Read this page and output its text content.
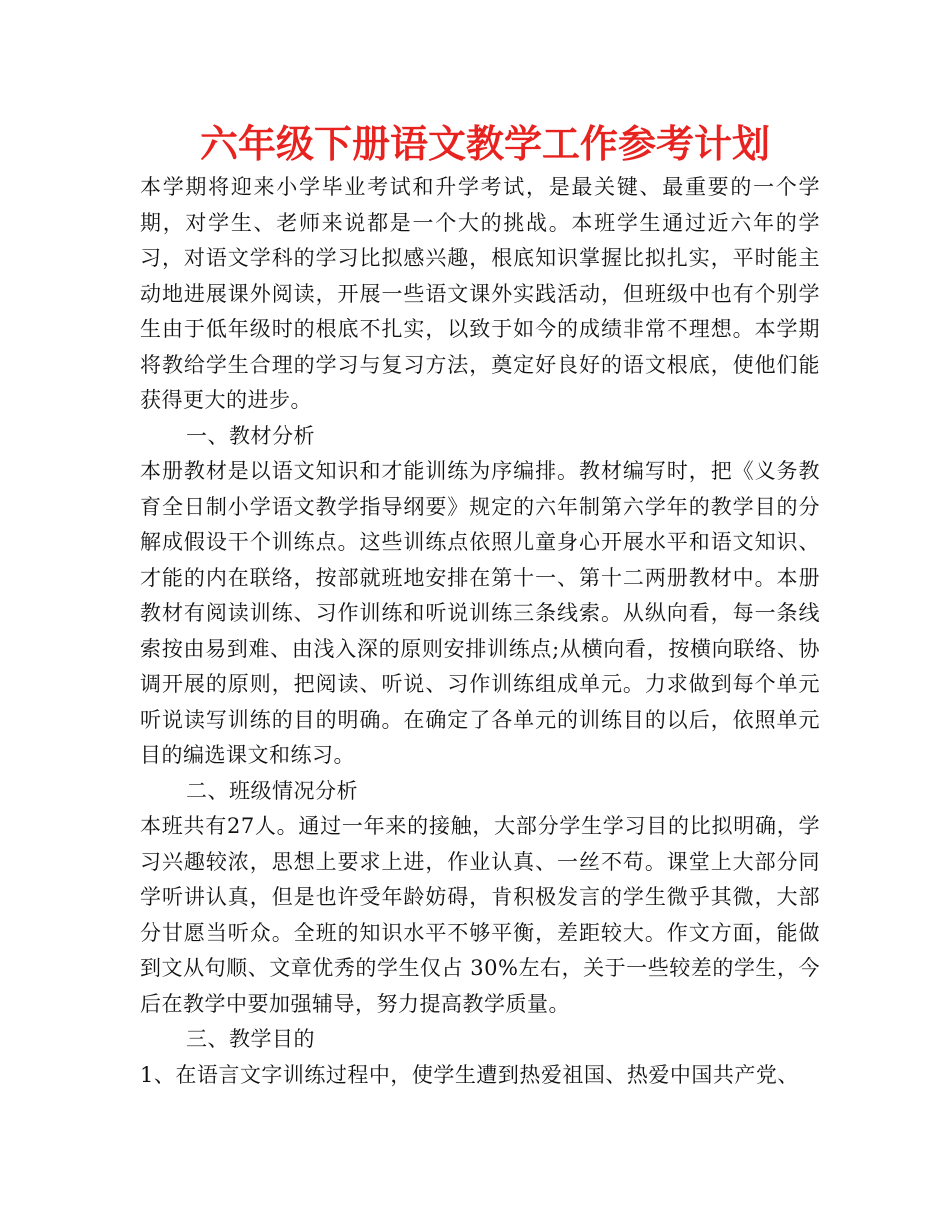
六年级下册语文教学工作参考计划

本学期将迎来小学毕业考试和升学考试，是最关键、最重要的一个学期，对学生、老师来说都是一个大的挑战。本班学生通过近六年的学习，对语文学科的学习比拟感兴趣，根底知识掌握比拟扎实，平时能主动地进展课外阅读，开展一些语文课外实践活动，但班级中也有个别学生由于低年级时的根底不扎实，以致于如今的成绩非常不理想。本学期将教给学生合理的学习与复习方法，奠定好良好的语文根底，使他们能获得更大的进步。

一、教材分析

本册教材是以语文知识和才能训练为序编排。教材编写时，把《义务教育全日制小学语文教学指导纲要》规定的六年制第六学年的教学目的分解成假设干个训练点。这些训练点依照儿童身心开展水平和语文知识、才能的内在联络，按部就班地安排在第十一、第十二两册教材中。本册教材有阅读训练、习作训练和听说训练三条线索。从纵向看，每一条线索按由易到难、由浅入深的原则安排训练点;从横向看，按横向联络、协调开展的原则，把阅读、听说、习作训练组成单元。力求做到每个单元听说读写训练的目的明确。在确定了各单元的训练目的以后，依照单元目的编选课文和练习。

二、班级情况分析

本班共有27人。通过一年来的接触，大部分学生学习目的比拟明确，学习兴趣较浓，思想上要求上进，作业认真、一丝不苟。课堂上大部分同学听讲认真，但是也许受年龄妨碍，肯积极发言的学生微乎其微，大部分甘愿当听众。全班的知识水平不够平衡，差距较大。作文方面，能做到文从句顺、文章优秀的学生仅占 30%左右，关于一些较差的学生，今后在教学中要加强辅导，努力提高教学质量。

三、教学目的

1、在语言文字训练过程中，使学生遭到热爱祖国、热爱中国共产党、
